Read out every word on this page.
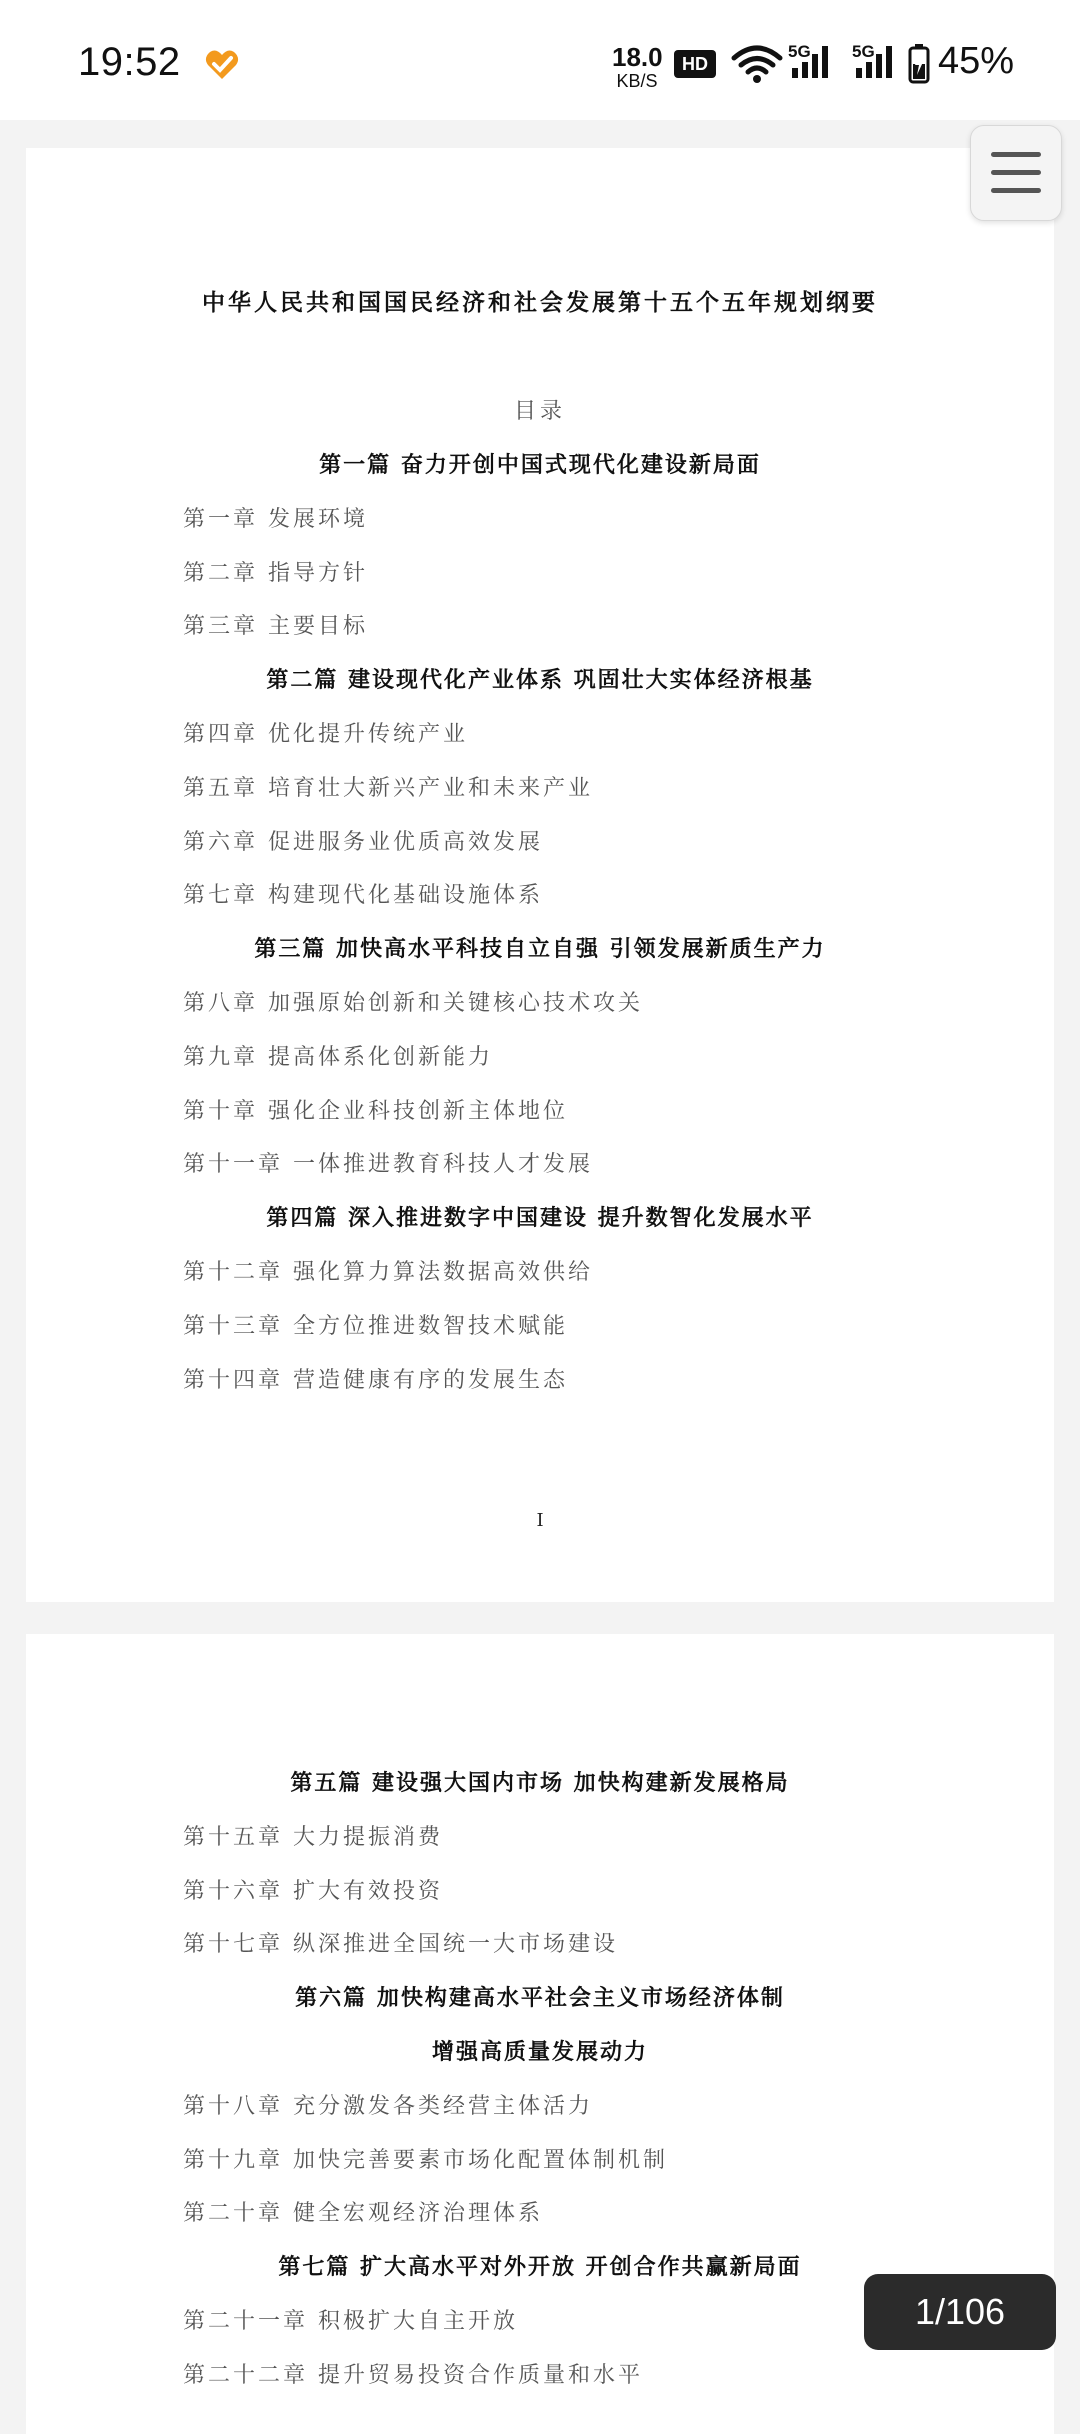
19:52	18.0
KB/S
HD
5G 5G 45%
中华人民共和国国民经济和社会发展第十五个五年规划纲要
目录
第一篇 奋力开创中国式现代化建设新局面
第一章 发展环境
第二章 指导方针
第三章 主要目标
第二篇 建设现代化产业体系 巩固壮大实体经济根基
第四章 优化提升传统产业
第五章 培育壮大新兴产业和未来产业
第六章 促进服务业优质高效发展
第七章 构建现代化基础设施体系
第三篇 加快高水平科技自立自强 引领发展新质生产力
第八章 加强原始创新和关键核心技术攻关
第九章 提高体系化创新能力
第十章 强化企业科技创新主体地位
第十一章 一体推进教育科技人才发展
第四篇 深入推进数字中国建设 提升数智化发展水平
第十二章 强化算力算法数据高效供给
第十三章 全方位推进数智技术赋能
第十四章 营造健康有序的发展生态
I
第五篇 建设强大国内市场 加快构建新发展格局
第十五章 大力提振消费
第十六章 扩大有效投资
第十七章 纵深推进全国统一大市场建设
第六篇 加快构建高水平社会主义市场经济体制
增强高质量发展动力
第十八章 充分激发各类经营主体活力
第十九章 加快完善要素市场化配置体制机制
第二十章 健全宏观经济治理体系
第七篇 扩大高水平对外开放 开创合作共赢新局面
第二十一章 积极扩大自主开放
第二十二章 提升贸易投资合作质量和水平
1/106
